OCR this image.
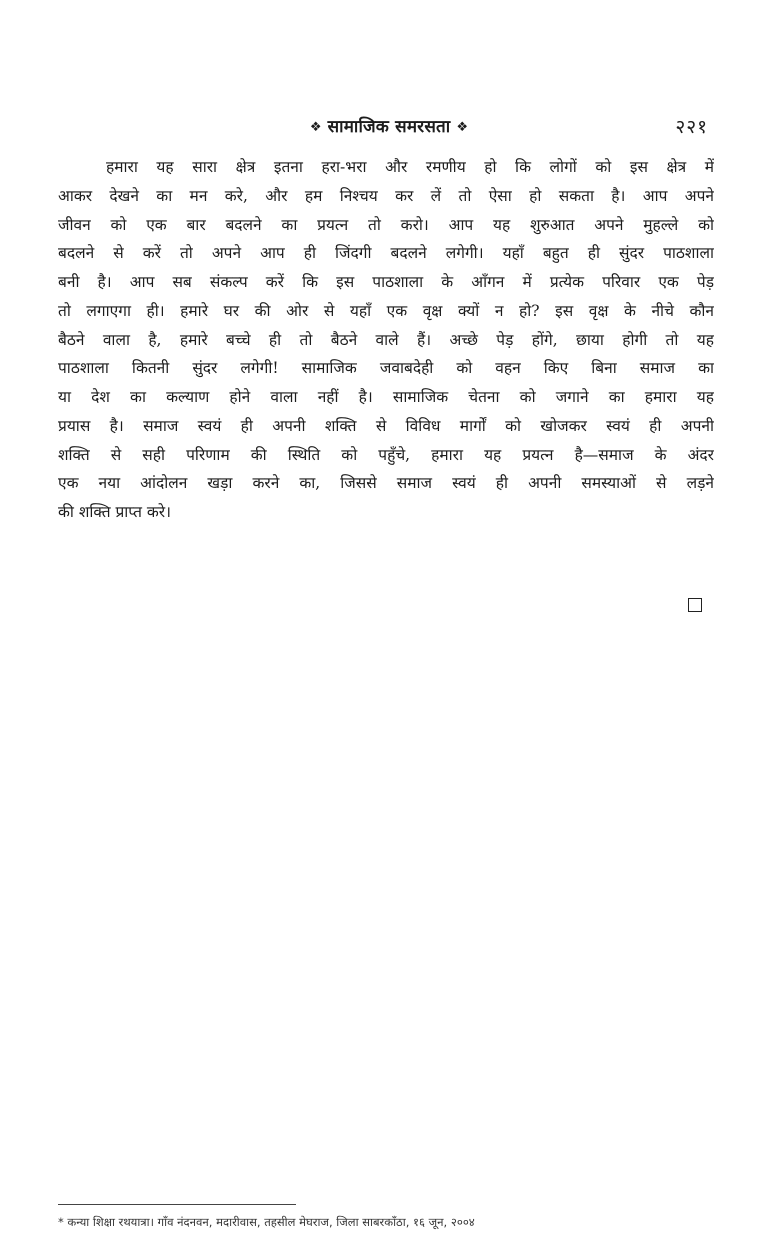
❖ सामाजिक समरसता ❖	२२१
हमारा यह सारा क्षेत्र इतना हरा-भरा और रमणीय हो कि लोगों को इस क्षेत्र में
आकर देखने का मन करे, और हम निश्चय कर लें तो ऐसा हो सकता है। आप अपने
जीवन को एक बार बदलने का प्रयत्न तो करो। आप यह शुरुआत अपने मुहल्ले को
बदलने से करें तो अपने आप ही जिंदगी बदलने लगेगी। यहाँ बहुत ही सुंदर पाठशाला
बनी है। आप सब संकल्प करें कि इस पाठशाला के आँगन में प्रत्येक परिवार एक पेड़
तो लगाएगा ही। हमारे घर की ओर से यहाँ एक वृक्ष क्यों न हो? इस वृक्ष के नीचे कौन
बैठने वाला है, हमारे बच्चे ही तो बैठने वाले हैं। अच्छे पेड़ होंगे, छाया होगी तो यह
पाठशाला कितनी सुंदर लगेगी! सामाजिक जवाबदेही को वहन किए बिना समाज का
या देश का कल्याण होने वाला नहीं है। सामाजिक चेतना को जगाने का हमारा यह
प्रयास है। समाज स्वयं ही अपनी शक्ति से विविध मार्गों को खोजकर स्वयं ही अपनी
शक्ति से सही परिणाम की स्थिति को पहुँचे, हमारा यह प्रयत्न है—समाज के अंदर
एक नया आंदोलन खड़ा करने का, जिससे समाज स्वयं ही अपनी समस्याओं से लड़ने
की शक्ति प्राप्त करे।
* कन्या शिक्षा रथयात्रा। गाँव नंदनवन, मदारीवास, तहसील मेघराज, जिला साबरकाँठा, १६ जून, २००४
